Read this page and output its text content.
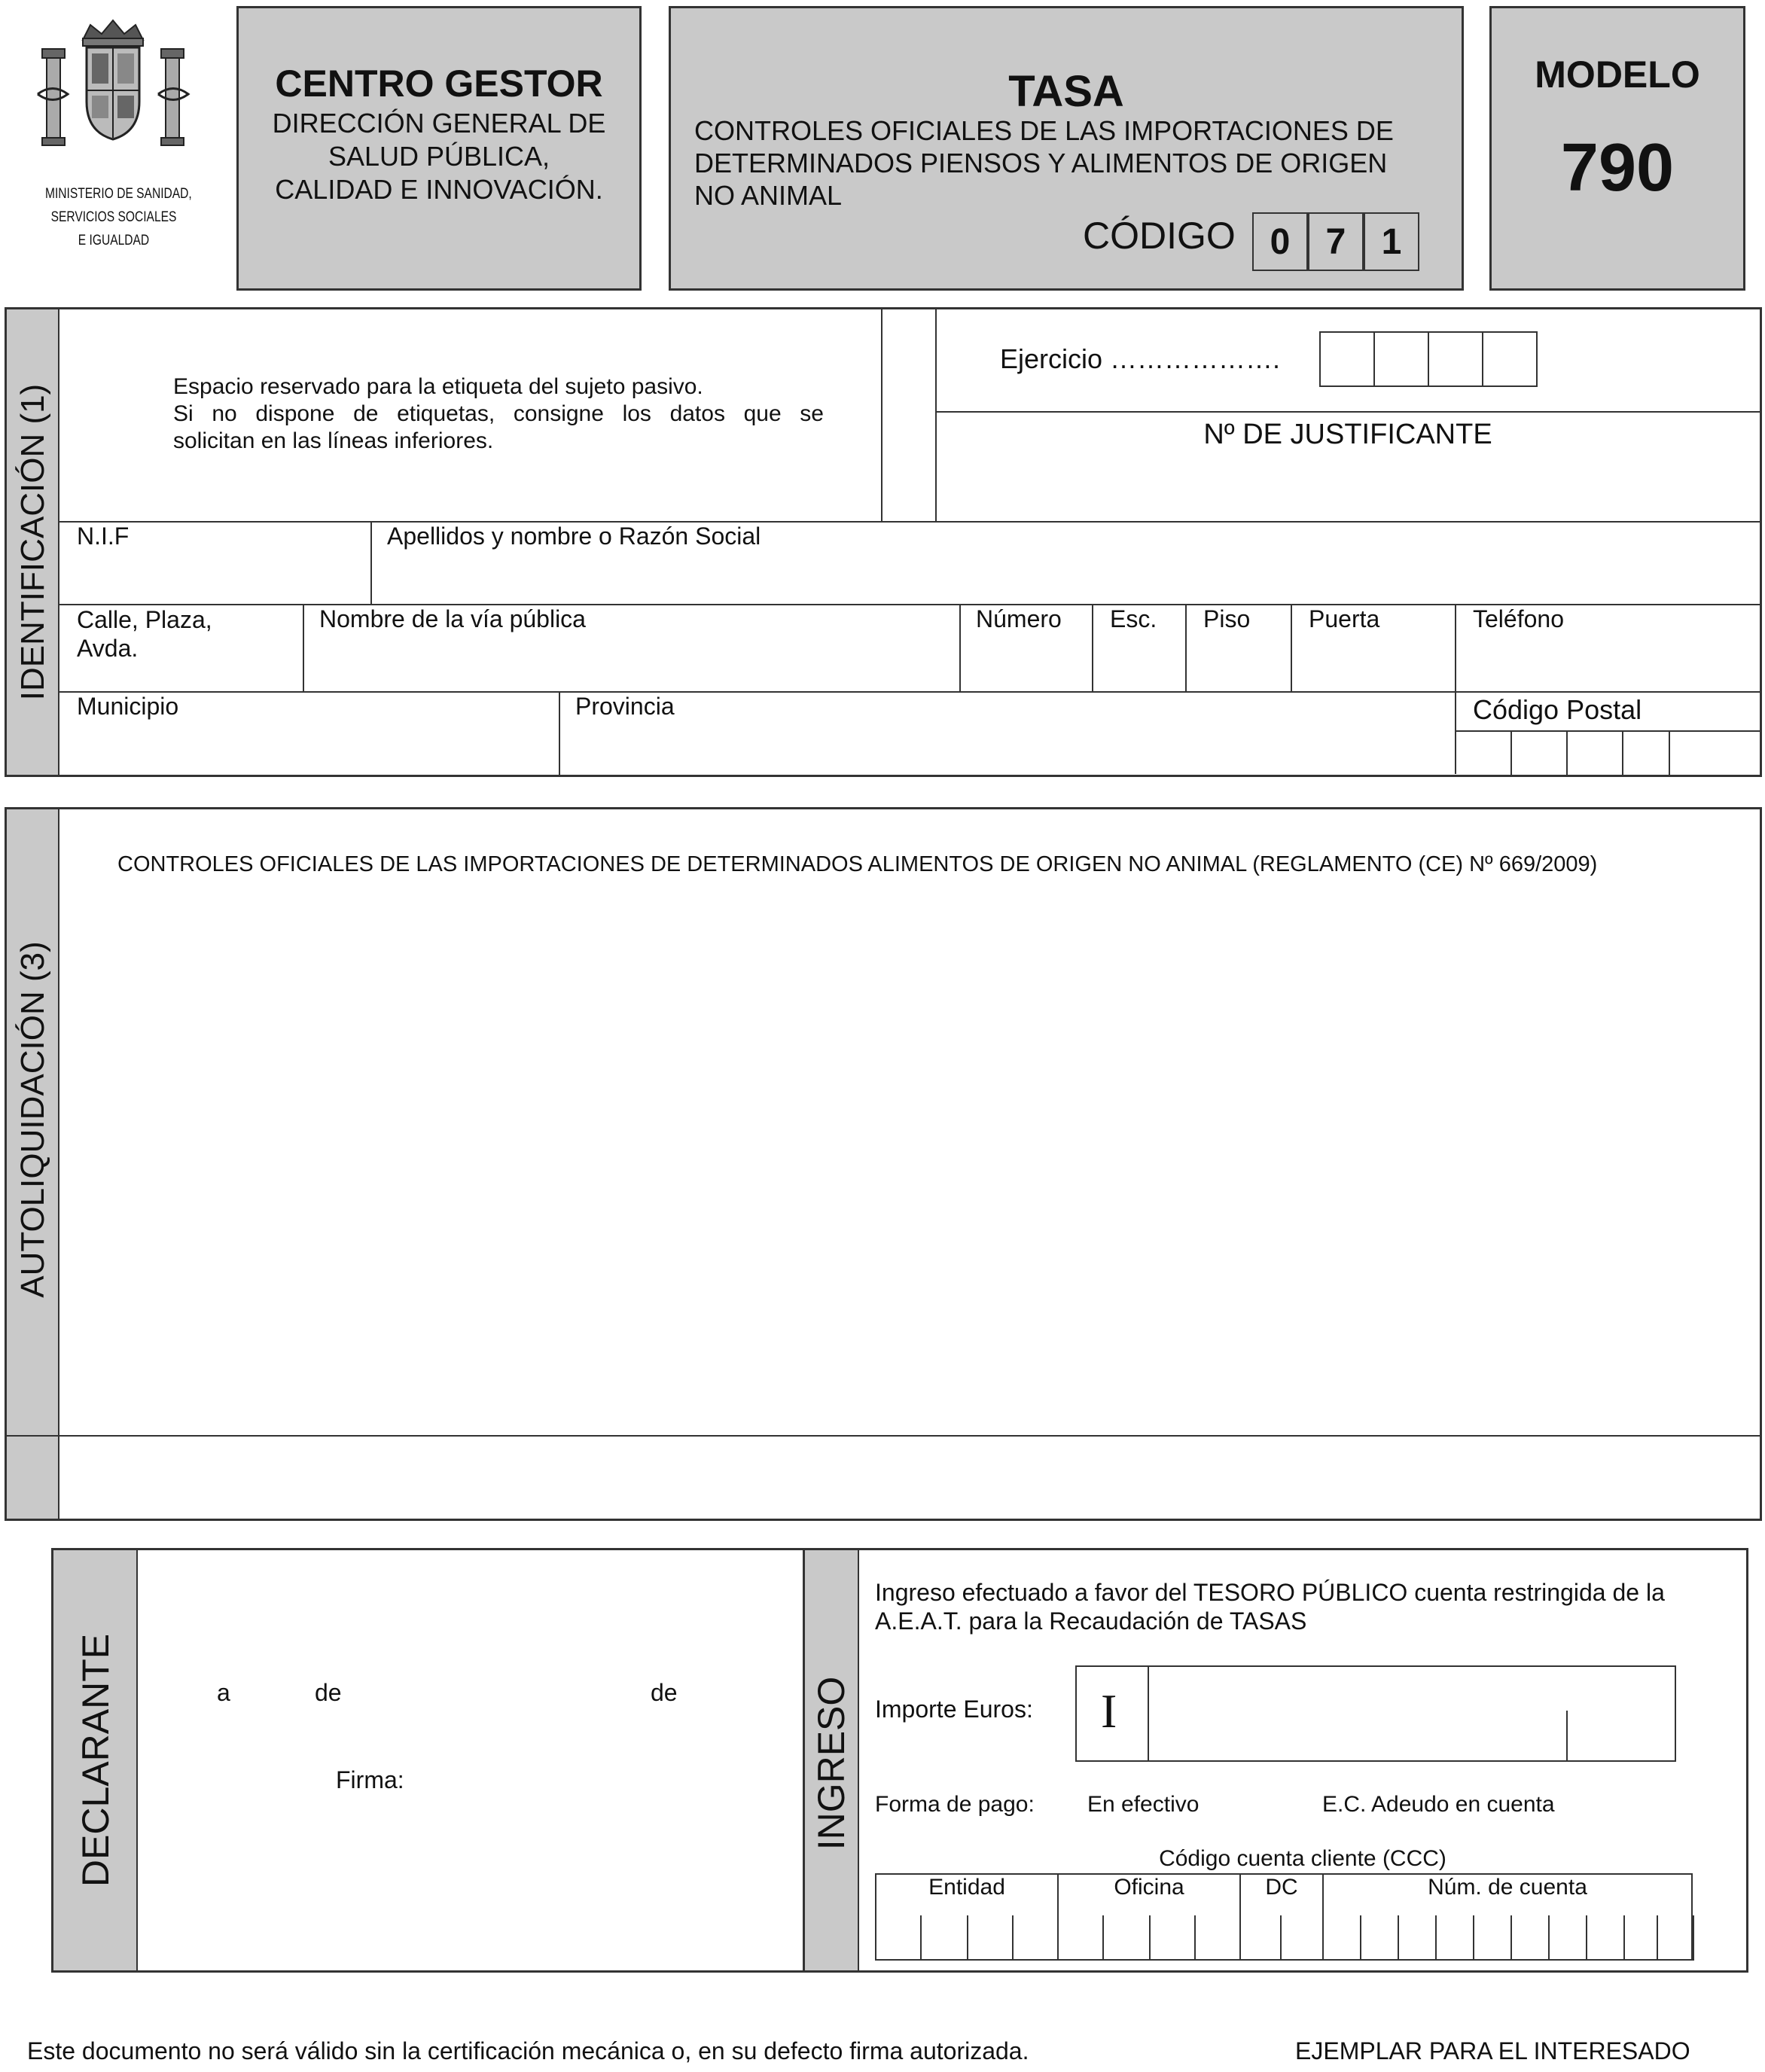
MINISTERIO DE SANIDAD,
SERVICIOS SOCIALES
E IGUALDAD
CENTRO GESTOR
DIRECCIÓN GENERAL DE
SALUD PÚBLICA,
CALIDAD E INNOVACIÓN.
TASA
CONTROLES OFICIALES DE LAS IMPORTACIONES DE
DETERMINADOS PIENSOS Y ALIMENTOS DE ORIGEN
NO ANIMAL
CÓDIGO 0 7 1
MODELO
790
IDENTIFICACIÓN (1)	Espacio reservado para la etiqueta del sujeto pasivo.
Si no dispone de etiquetas, consigne los datos que se
solicitan en las líneas inferiores.
Ejercicio ……………….
Nº DE JUSTIFICANTE
N.I.F	Apellidos y nombre o Razón Social
Calle, Plaza,
Avda.
Nombre de la vía pública	Número Esc. Piso Puerta	Teléfono
Municipio	Provincia	Código Postal
AUTOLIQUIDACIÓN (3)
CONTROLES OFICIALES DE LAS IMPORTACIONES DE DETERMINADOS ALIMENTOS DE ORIGEN NO ANIMAL (REGLAMENTO (CE) Nº 669/2009)
DECLARANTE	a	de	de
Firma:	INGRESO
Ingreso efectuado a favor del TESORO PÚBLICO cuenta restringida de la
A.E.A.T. para la Recaudación de TASAS
Importe Euros: I
Forma de pago: En efectivo	E.C. Adeudo en cuenta
Código cuenta cliente (CCC)
Entidad	Oficina	DC	Núm. de cuenta
Este documento no será válido sin la certificación mecánica o, en su defecto firma autorizada.	EJEMPLAR PARA EL INTERESADO
